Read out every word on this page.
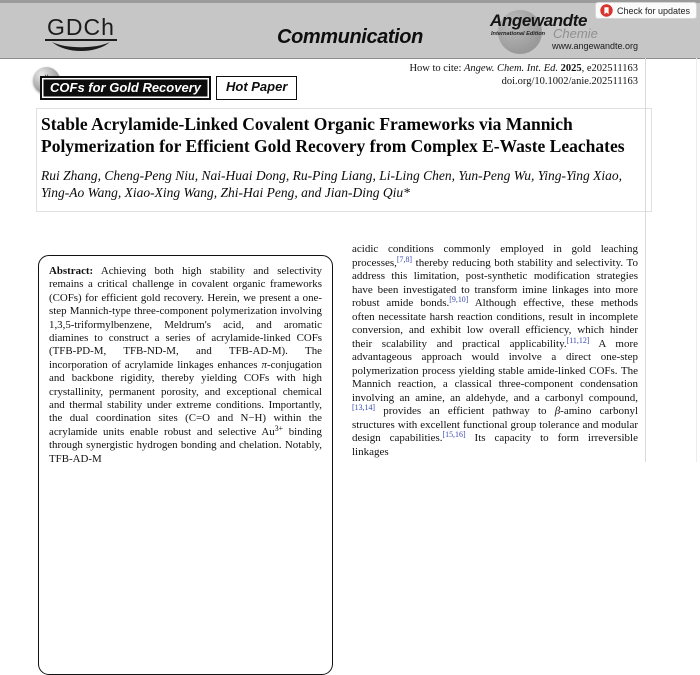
GDCh	Communication
Angewandte
International Edition Chemie
www.angewandte.org
Check for updates
How to cite: Angew. Chem. Int. Ed. 2025, e202511163
doi.org/10.1002/anie.202511163
COFs for Gold Recovery	Hot Paper
Stable Acrylamide-Linked Covalent Organic Frameworks via Mannich Polymerization for Efficient Gold Recovery from Complex E-Waste Leachates
Rui Zhang, Cheng-Peng Niu, Nai-Huai Dong, Ru-Ping Liang, Li-Ling Chen, Yun-Peng Wu, Ying-Ying Xiao, Ying-Ao Wang, Xiao-Xing Wang, Zhi-Hai Peng, and Jian-Ding Qiu*
Abstract: Achieving both high stability and selectivity remains a critical challenge in covalent organic frameworks (COFs) for efficient gold recovery. Herein, we present a one-step Mannich-type three-component polymerization involving 1,3,5-triformylbenzene, Meldrum's acid, and aromatic diamines to construct a series of acrylamide-linked COFs (TFB-PD-M, TFB-ND-M, and TFB-AD-M). The incorporation of acrylamide linkages enhances π-conjugation and backbone rigidity, thereby yielding COFs with high crystallinity, permanent porosity, and exceptional chemical and thermal stability under extreme conditions. Importantly, the dual coordination sites (C=O and N−H) within the acrylamide units enable robust and selective $Au^{3+}$ binding through synergistic hydrogen bonding and chelation. Notably, TFB-AD-M
acidic conditions commonly employed in gold leaching processes,[7,8] thereby reducing both stability and selectivity. To address this limitation, post-synthetic modification strategies have been investigated to transform imine linkages into more robust amide bonds.[9,10] Although effective, these methods often necessitate harsh reaction conditions, result in incomplete conversion, and exhibit low overall efficiency, which hinder their scalability and practical applicability.[11,12] A more advantageous approach would involve a direct one-step polymerization process yielding stable amide-linked COFs. The Mannich reaction, a classical three-component condensation involving an amine, an aldehyde, and a carbonyl compound,[13,14] provides an efficient pathway to β-amino carbonyl structures with excellent functional group tolerance and modular design capabilities.[15,16] Its capacity to form irreversible linkages
